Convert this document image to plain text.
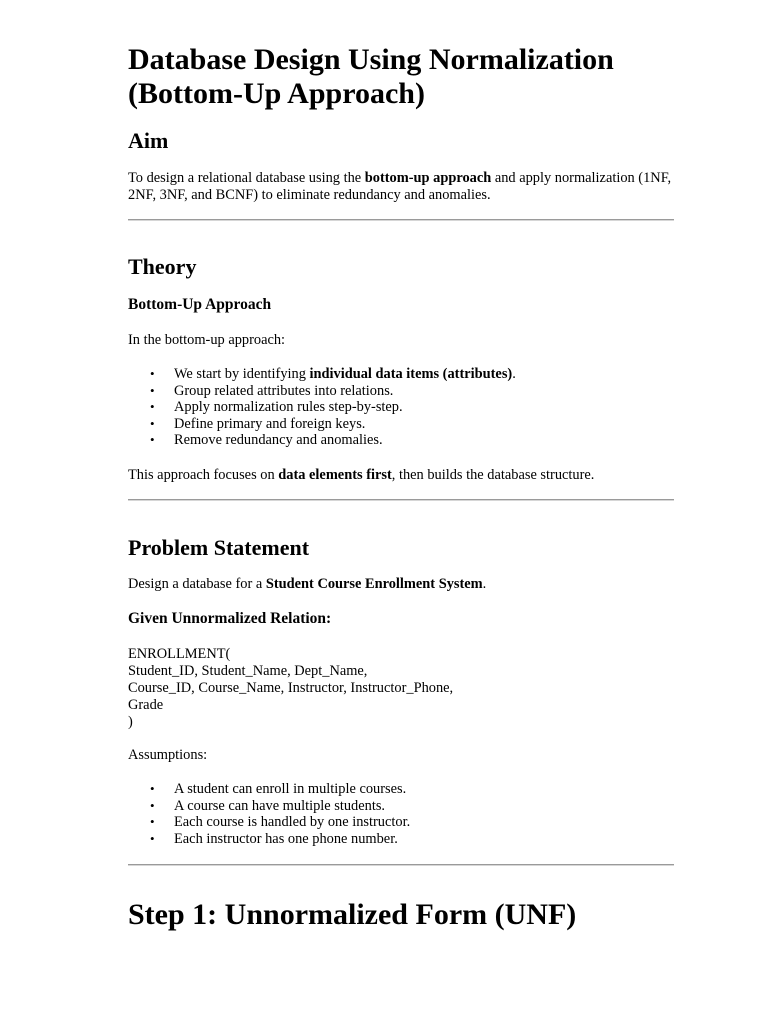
Database Design Using Normalization (Bottom-Up Approach)
Aim

To design a relational database using the bottom-up approach and apply normalization (1NF, 2NF, 3NF, and BCNF) to eliminate redundancy and anomalies.

Theory
Bottom-Up Approach

In the bottom-up approach:

• We start by identifying individual data items (attributes).
• Group related attributes into relations.
• Apply normalization rules step-by-step.
• Define primary and foreign keys.
• Remove redundancy and anomalies.

This approach focuses on data elements first, then builds the database structure.

Problem Statement

Design a database for a Student Course Enrollment System.

Given Unnormalized Relation:
ENROLLMENT(
Student_ID, Student_Name, Dept_Name,
Course_ID, Course_Name, Instructor, Instructor_Phone,
Grade
)

Assumptions:

• A student can enroll in multiple courses.
• A course can have multiple students.
• Each course is handled by one instructor.
• Each instructor has one phone number.
Step 1: Unnormalized Form (UNF)
